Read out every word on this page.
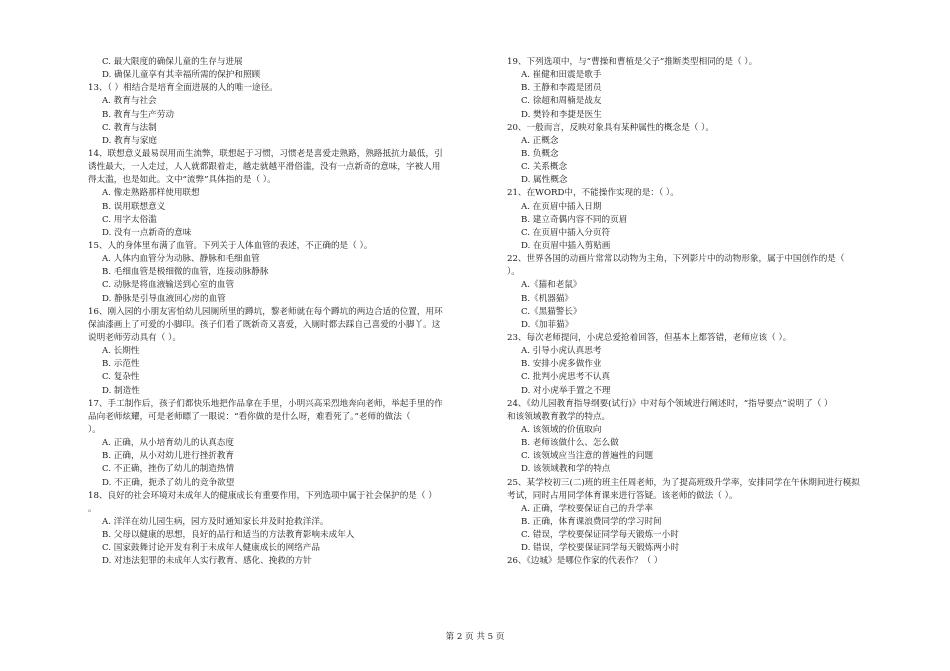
C. 最大限度的确保儿童的生存与进展
D. 确保儿童享有其幸福所需的保护和照顾
13、（ ）相结合是培育全面进展的人的唯一途径。
A. 教育与社会
B. 教育与生产劳动
C. 教育与法制
D. 教育与家庭
14、联想意义最易误用而生流弊，联想起于习惯，习惯老是喜爱走熟路，熟路抵抗力最低，引
诱性最大，一人走过，人人就都跟着走，越走就越平滑俗滥，没有一点新奇的意味，字被人用
得太滥，也是如此。文中“流弊”具体指的是（ ）。
A. 像走熟路那样使用联想
B. 误用联想意义
C. 用字太俗滥
D. 没有一点新奇的意味
15、人的身体里布满了血管。下列关于人体血管的表述，不正确的是（ ）。
A. 人体内血管分为动脉、静脉和毛细血管
B. 毛细血管是极细微的血管，连接动脉静脉
C. 动脉是将血液输送到心室的血管
D. 静脉是引导血液回心房的血管
16、刚入园的小朋友害怕幼儿园厕所里的蹲坑，黎老师就在每个蹲坑的两边合适的位置，用环
保油漆画上了可爱的小脚印。孩子们看了既新奇又喜爱，入厕时都去踩自己喜爱的小脚丫。这
说明老师劳动具有（ ）。
A. 长期性
B. 示范性
C. 复杂性
D. 制造性
17、手工制作后，孩子们都快乐地把作品拿在手里，小明兴高采烈地奔向老师，举起手里的作
品向老师炫耀，可是老师瞟了一眼说：“看你做的是什么呀，难看死了。”老师的做法（
）。
A. 正确，从小培育幼儿的认真态度
B. 正确，从小对幼儿进行挫折教育
C. 不正确，挫伤了幼儿的制造热情
D. 不正确，扼杀了幼儿的竞争欲望
18、良好的社会环境对未成年人的健康成长有重要作用，下列选项中属于社会保护的是（ ）
。
A. 洋洋在幼儿园生病，园方及时通知家长并及时抢救洋洋。
B. 父母以健康的思想，良好的品行和适当的方法教育影响未成年人
C. 国家鼓舞讨论开发有利于未成年人健康成长的网络产品
D. 对违法犯罪的未成年人实行教育、感化、挽救的方针
19、下列选项中，与“曹操和曹植是父子”推断类型相同的是（ ）。
A. 崔健和田震是歌手
B. 王静和李霞是团员
C. 徐超和周楠是战友
D. 樊铃和李捷是医生
20、一般而言，反映对象具有某种属性的概念是（ ）。
A. 正概念
B. 负概念
C. 关系概念
D. 属性概念
21、在WORD中，不能操作实现的是：（ ）。
A. 在页眉中插入日期
B. 建立奇偶内容不同的页眉
C. 在页眉中插入分页符
D. 在页眉中插入剪贴画
22、世界各国的动画片常常以动物为主角，下列影片中的动物形象，属于中国创作的是（
）。
A.《猫和老鼠》
B.《机器猫》
C.《黑猫警长》
D.《加菲猫》
23、每次老师提问，小虎总爱抢着回答，但基本上都答错，老师应该（ ）。
A. 引导小虎认真思考
B. 安排小虎多做作业
C. 批判小虎思考不认真
D. 对小虎举手置之不理
24、《幼儿园教育指导纲要(试行)》中对每个领域进行阐述时，“指导要点”说明了（ ）
和该领域教育教学的特点。
A. 该领域的价值取向
B. 老师该做什么、怎么做
C. 该领域应当注意的普遍性的问题
D. 该领域教和学的特点
25、某学校初三(二)班的班主任周老师，为了提高班级升学率，安排同学在午休期间进行模拟
考试，同时占用同学体育课来进行答疑。该老师的做法（ ）。
A. 正确，学校要保证自己的升学率
B. 正确，体育课浪费同学的学习时间
C. 错误，学校要保证同学每天锻炼一小时
D. 错误，学校要保证同学每天锻炼两小时
26、《边城》是哪位作家的代表作？（ ）
第 2 页 共 5 页
